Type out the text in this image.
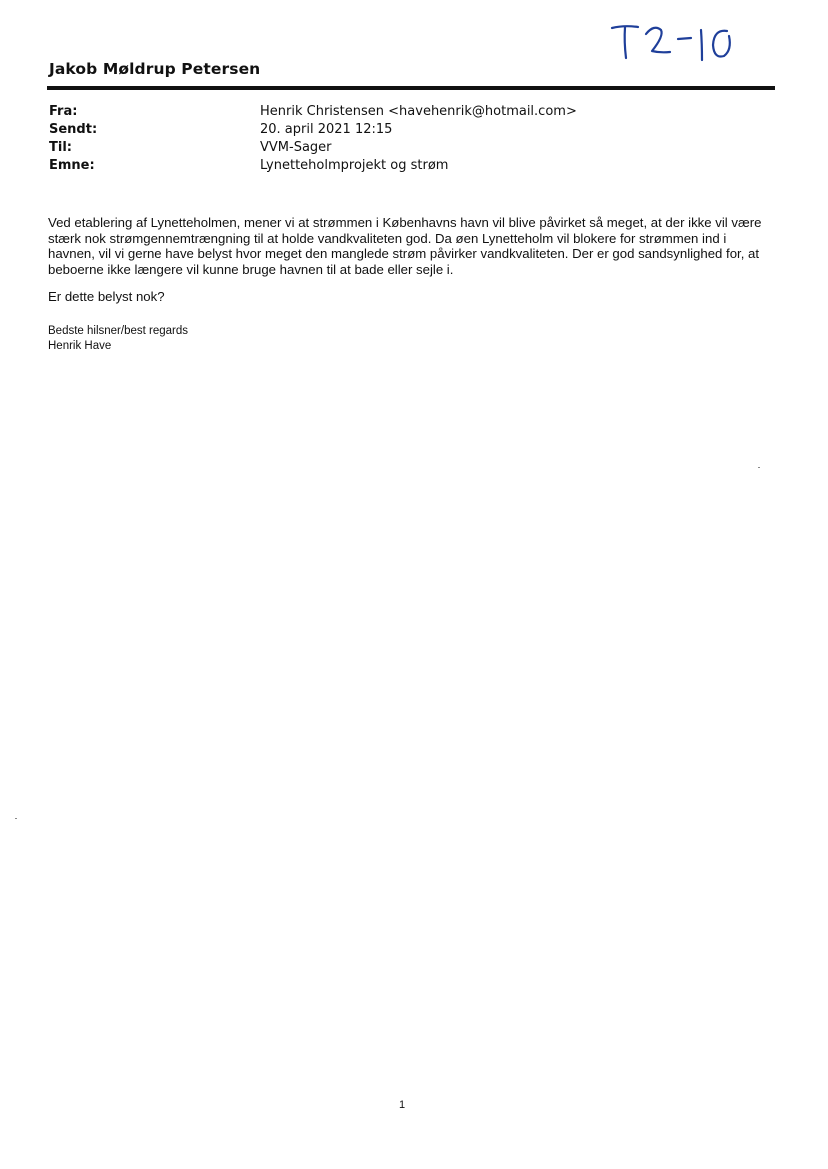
Jakob Møldrup Petersen
Fra:	Henrik Christensen <havehenrik@hotmail.com>
Sendt:	20. april 2021 12:15
Til:	VVM-Sager
Emne:	Lynetteholmprojekt og strøm

Ved etablering af Lynetteholmen, mener vi at strømmen i Københavns havn vil blive påvirket så meget, at der ikke vil være stærk nok strømgennemtrængning til at holde vandkvaliteten god. Da øen Lynetteholm vil blokere for strømmen ind i havnen, vil vi gerne have belyst hvor meget den manglede strøm påvirker vandkvaliteten. Der er god sandsynlighed for, at beboerne ikke længere vil kunne bruge havnen til at bade eller sejle i.

Er dette belyst nok?

Bedste hilsner/best regards
Henrik Have
1
